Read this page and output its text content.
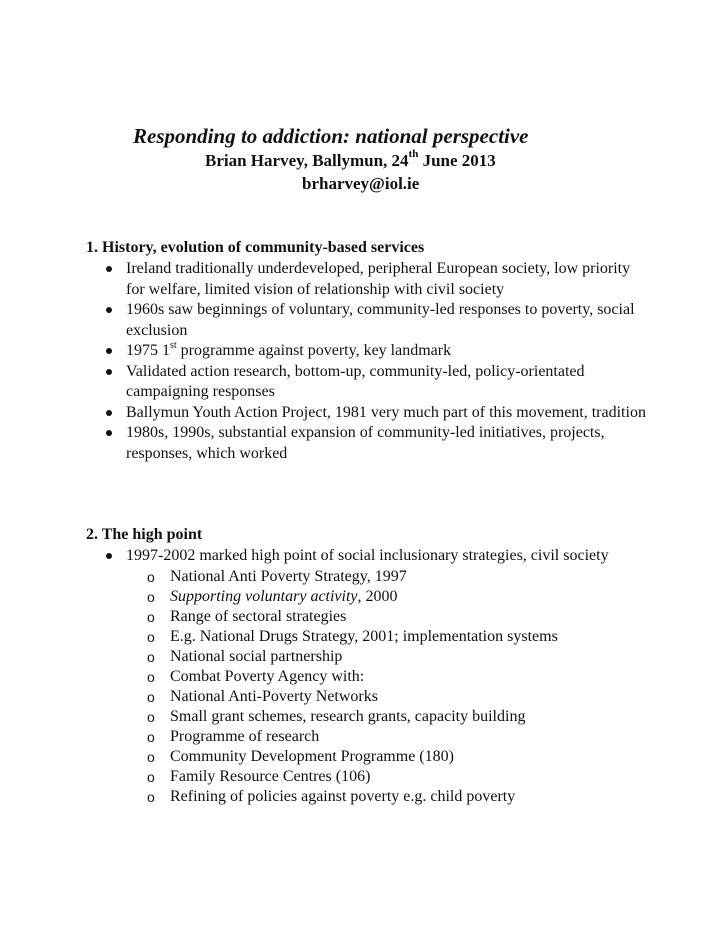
Responding to addiction: national perspective
Brian Harvey, Ballymun, 24th June 2013
brharvey@iol.ie
1. History, evolution of community-based services
Ireland traditionally underdeveloped, peripheral European society, low priority for welfare, limited vision of relationship with civil society
1960s saw beginnings of voluntary, community-led responses to poverty, social exclusion
1975 1st programme against poverty, key landmark
Validated action research, bottom-up, community-led, policy-orientated campaigning responses
Ballymun Youth Action Project, 1981 very much part of this movement, tradition
1980s, 1990s, substantial expansion of community-led initiatives, projects, responses, which worked
2. The high point
1997-2002 marked high point of social inclusionary strategies, civil society
o National Anti Poverty Strategy, 1997
o Supporting voluntary activity, 2000
o Range of sectoral strategies
o E.g. National Drugs Strategy, 2001; implementation systems
o National social partnership
o Combat Poverty Agency with:
o National Anti-Poverty Networks
o Small grant schemes, research grants, capacity building
o Programme of research
o Community Development Programme (180)
o Family Resource Centres (106)
o Refining of policies against poverty e.g. child poverty
